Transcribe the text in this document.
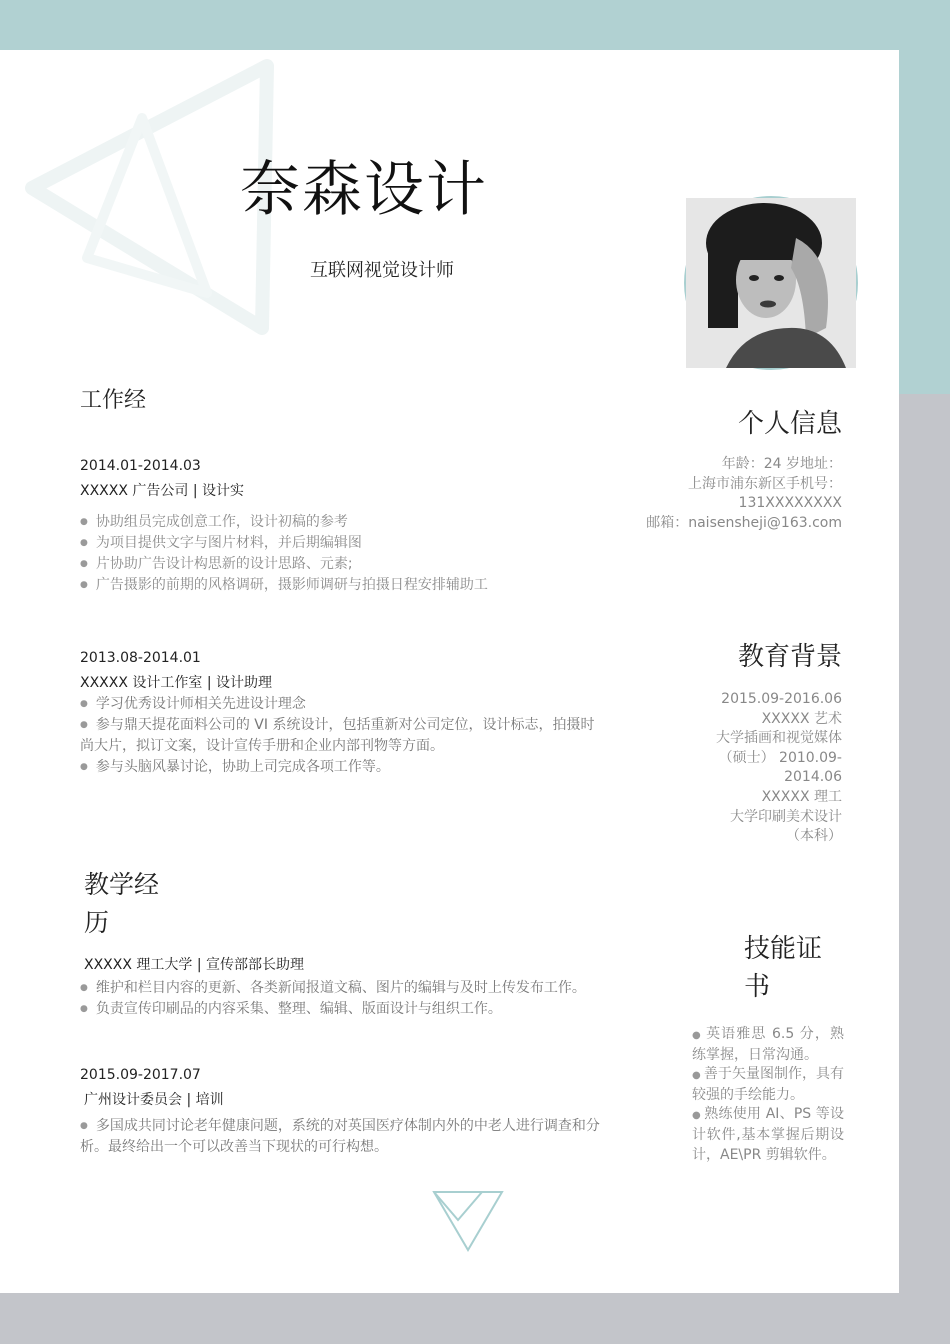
奈森设计
互联网视觉设计师
工作经
2014.01-2014.03
XXXXX 广告公司 | 设计实
● 协助组员完成创意工作，设计初稿的参考
● 为项目提供文字与图片材料，并后期编辑图
● 片协助广告设计构思新的设计思路、元素;
● 广告摄影的前期的风格调研，摄影师调研与拍摄日程安排辅助工
2013.08-2014.01
XXXXX 设计工作室 | 设计助理
● 学习优秀设计师相关先进设计理念
● 参与鼎天提花面料公司的 VI 系统设计，包括重新对公司定位，设计标志，拍摄时尚大片，拟订文案，设计宣传手册和企业内部刊物等方面。
● 参与头脑风暴讨论，协助上司完成各项工作等。
教学经历
XXXXX 理工大学 | 宣传部部长助理
● 维护和栏目内容的更新、各类新闻报道文稿、图片的编辑与及时上传发布工作。
● 负责宣传印刷品的内容采集、整理、编辑、版面设计与组织工作。
2015.09-2017.07
广州设计委员会 | 培训
● 多国成共同讨论老年健康问题，系统的对英国医疗体制内外的中老人进行调查和分析。最终给出一个可以改善当下现状的可行构想。
个人信息
年龄：24 岁地址：
上海市浦东新区手机号：
131XXXXXXXX
邮箱：naisensheji@163.com
教育背景
2015.09-2016.06
XXXXX 艺术
大学插画和视觉媒体
（硕士） 2010.09-
2014.06
XXXXX 理工
大学印刷美术设计
（本科）
技能证书

● 英语雅思 6.5 分，熟练掌握，日常沟通。

● 善于矢量图制作，具有较强的手绘能力。

● 熟练使用 AI、PS 等设计软件,基本掌握后期设计，AE\PR 剪辑软件。
